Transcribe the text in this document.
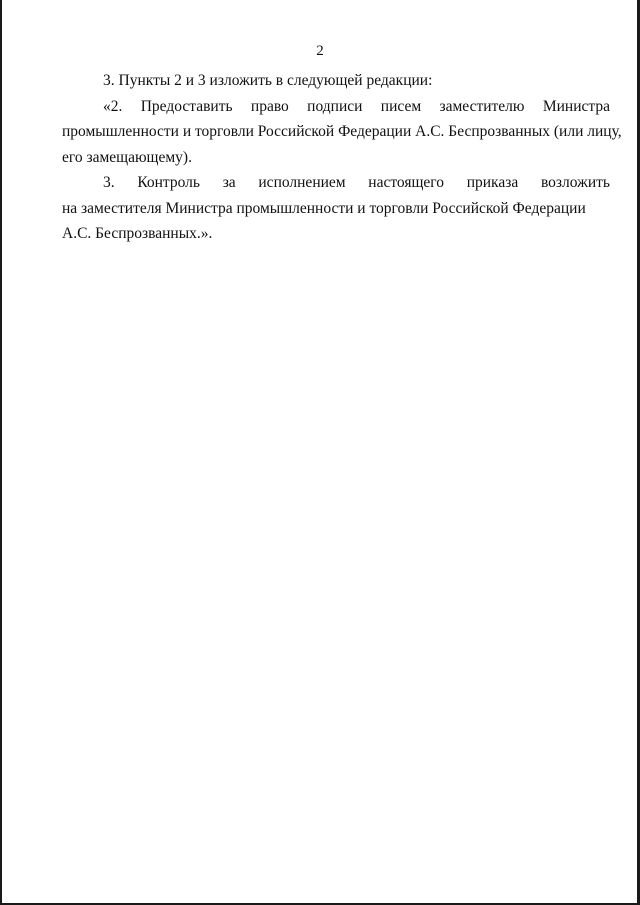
2
3. Пункты 2 и 3 изложить в следующей редакции:
«2. Предоставить право подписи писем заместителю Министра
промышленности и торговли Российской Федерации А.С. Беспрозванных (или лицу,
его замещающему).
3. Контроль за исполнением настоящего приказа возложить
на заместителя Министра промышленности и торговли Российской Федерации
А.С. Беспрозванных.».
